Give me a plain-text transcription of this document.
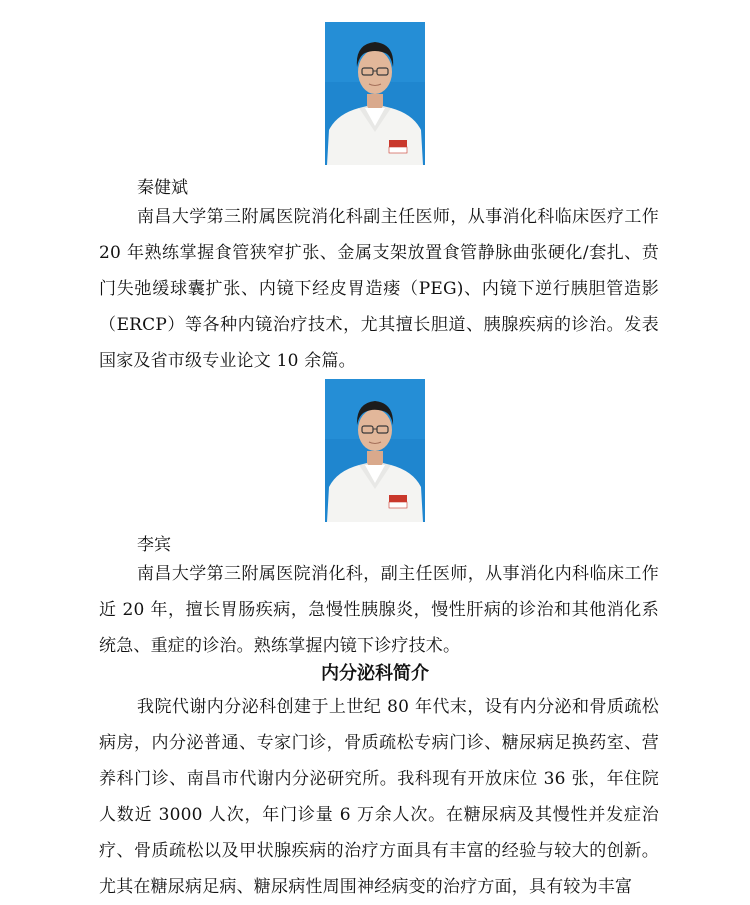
秦健斌
南昌大学第三附属医院消化科副主任医师，从事消化科临床医疗工作 20 年熟练掌握食管狭窄扩张、金属支架放置食管静脉曲张硬化/套扎、贲门失弛缓球囊扩张、内镜下经皮胃造瘘（PEG)、内镜下逆行胰胆管造影（ERCP）等各种内镜治疗技术，尤其擅长胆道、胰腺疾病的诊治。发表国家及省市级专业论文 10 余篇。
李宾
南昌大学第三附属医院消化科，副主任医师，从事消化内科临床工作近 20 年，擅长胃肠疾病，急慢性胰腺炎，慢性肝病的诊治和其他消化系统急、重症的诊治。熟练掌握内镜下诊疗技术。
内分泌科简介
我院代谢内分泌科创建于上世纪 80 年代末，设有内分泌和骨质疏松病房，内分泌普通、专家门诊，骨质疏松专病门诊、糖尿病足换药室、营养科门诊、南昌市代谢内分泌研究所。我科现有开放床位 36 张，年住院人数近 3000 人次，年门诊量 6 万余人次。在糖尿病及其慢性并发症治疗、骨质疏松以及甲状腺疾病的治疗方面具有丰富的经验与较大的创新。尤其在糖尿病足病、糖尿病性周围神经病变的治疗方面，具有较为丰富
